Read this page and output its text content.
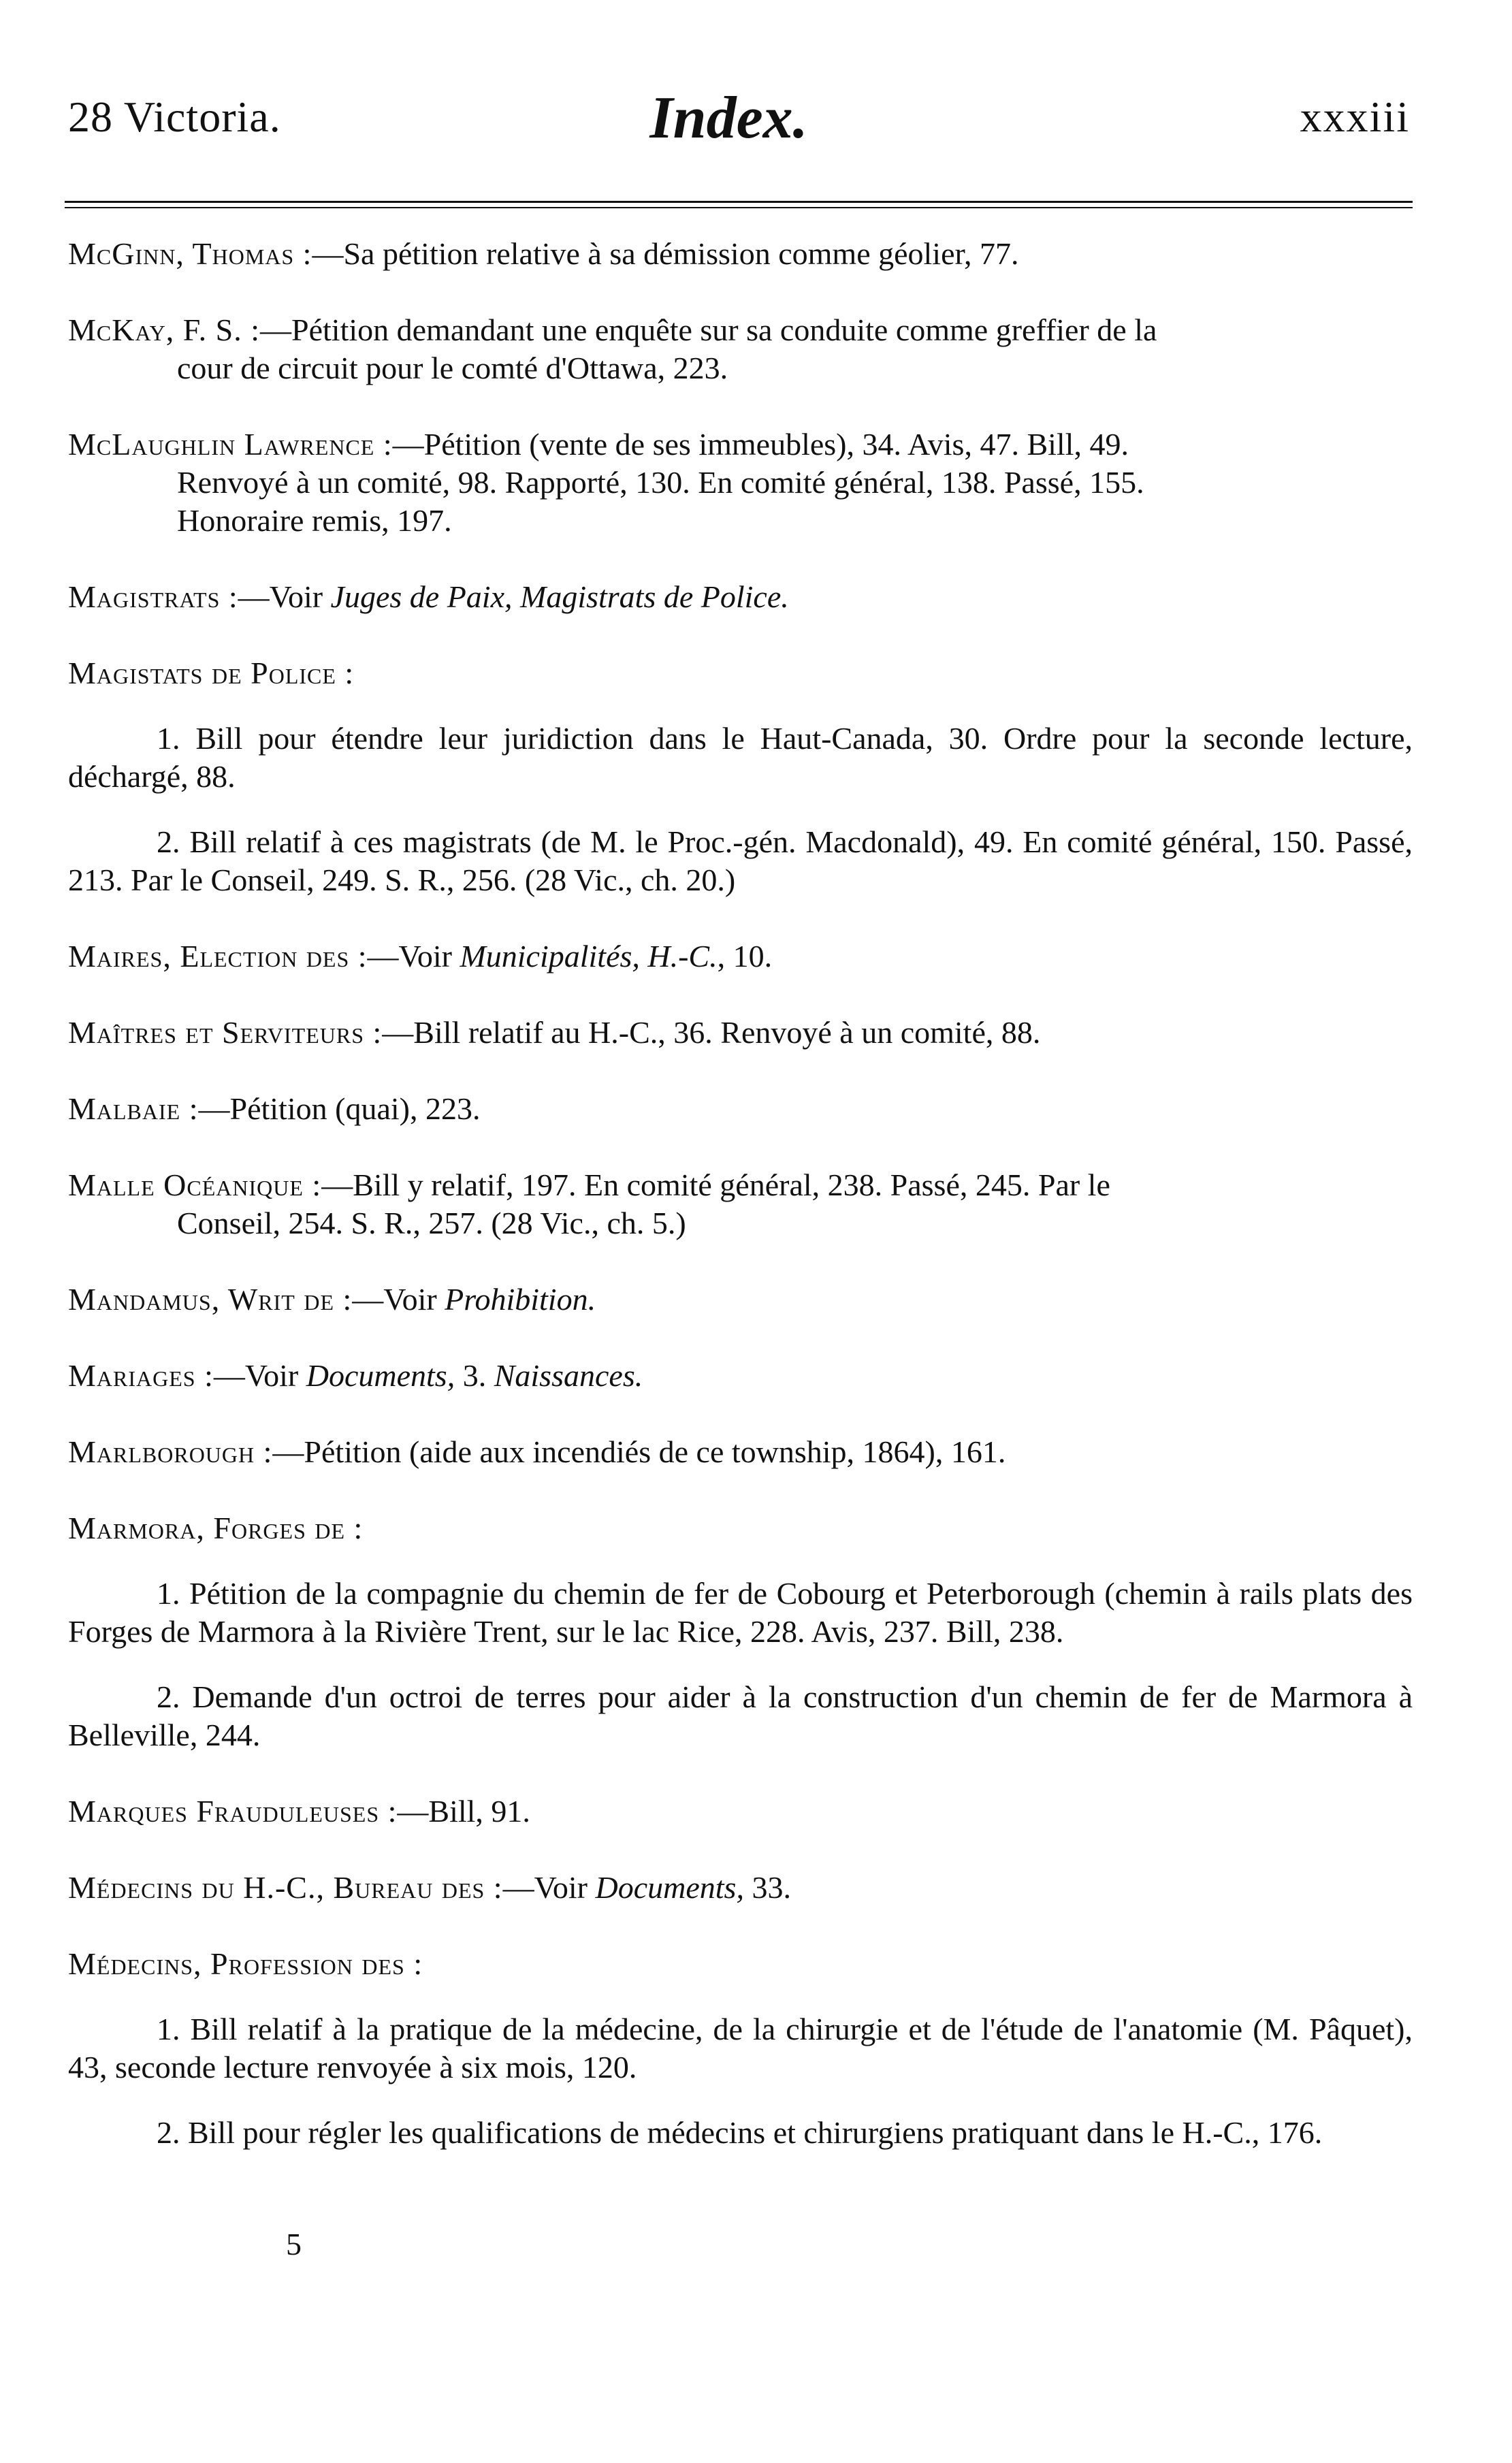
28 Victoria.	Index.	xxxiii
McGinn, Thomas :—Sa pétition relative à sa démission comme géolier, 77.
McKay, F. S. :—Pétition demandant une enquête sur sa conduite comme greffier de la
cour de circuit pour le comté d'Ottawa, 223.
McLaughlin Lawrence :—Pétition (vente de ses immeubles), 34. Avis, 47. Bill, 49.
Renvoyé à un comité, 98. Rapporté, 130. En comité général, 138. Passé, 155.
Honoraire remis, 197.
Magistrats :—Voir Juges de Paix, Magistrats de Police.
Magistats de Police :
1. Bill pour étendre leur juridiction dans le Haut-Canada, 30. Ordre pour la seconde lecture, déchargé, 88.
2. Bill relatif à ces magistrats (de M. le Proc.-gén. Macdonald), 49. En comité général, 150. Passé, 213. Par le Conseil, 249. S. R., 256. (28 Vic., ch. 20.)
Maires, Election des :—Voir Municipalités, H.-C., 10.
Maîtres et Serviteurs :—Bill relatif au H.-C., 36. Renvoyé à un comité, 88.
Malbaie :—Pétition (quai), 223.
Malle Océanique :—Bill y relatif, 197. En comité général, 238. Passé, 245. Par le
Conseil, 254. S. R., 257. (28 Vic., ch. 5.)
Mandamus, Writ de :—Voir Prohibition.
Mariages :—Voir Documents, 3. Naissances.
Marlborough :—Pétition (aide aux incendiés de ce township, 1864), 161.
Marmora, Forges de :
1. Pétition de la compagnie du chemin de fer de Cobourg et Peterborough (chemin à rails plats des Forges de Marmora à la Rivière Trent, sur le lac Rice, 228. Avis, 237. Bill, 238.
2. Demande d'un octroi de terres pour aider à la construction d'un chemin de fer de Marmora à Belleville, 244.
Marques Frauduleuses :—Bill, 91.
Médecins du H.-C., Bureau des :—Voir Documents, 33.
Médecins, Profession des :
1. Bill relatif à la pratique de la médecine, de la chirurgie et de l'étude de l'anatomie (M. Pâquet), 43, seconde lecture renvoyée à six mois, 120.
2. Bill pour régler les qualifications de médecins et chirurgiens pratiquant dans le H.-C., 176.
5
